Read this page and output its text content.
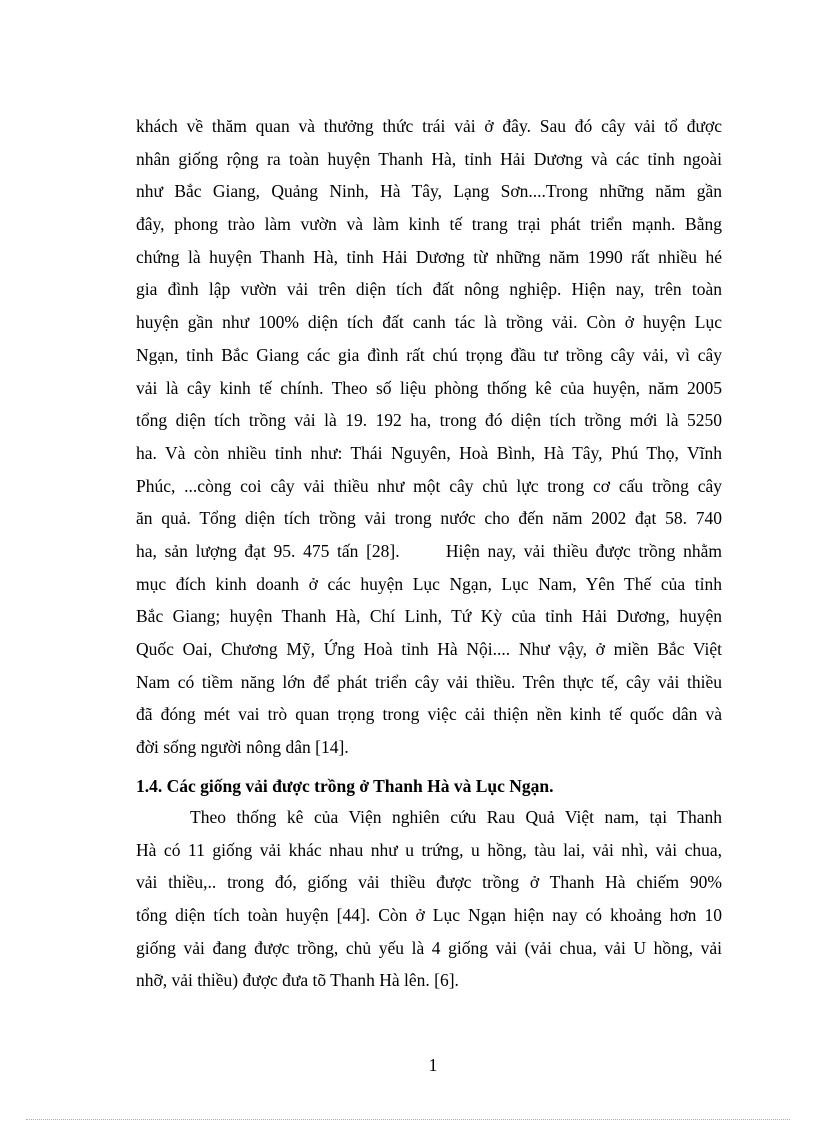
khách về thăm quan và thưởng thức trái vải ở đây. Sau đó cây vải tổ được
nhân giống rộng ra toàn huyện Thanh Hà, tỉnh Hải Dương và các tỉnh ngoài
như Bắc Giang, Quảng Ninh, Hà Tây, Lạng Sơn....Trong những năm gần
đây, phong trào làm vườn và làm kinh tế trang trại phát triển mạnh. Bằng
chứng là huyện Thanh Hà, tỉnh Hải Dương từ những năm 1990 rất nhiều hé
gia đình lập vườn vải trên diện tích đất nông nghiệp. Hiện nay, trên toàn
huyện gần như 100% diện tích đất canh tác là trồng vải. Còn ở huyện Lục
Ngạn, tỉnh Bắc Giang các gia đình rất chú trọng đầu tư trồng cây vải, vì cây
vải là cây kinh tế chính. Theo số liệu phòng thống kê của huyện, năm 2005
tổng diện tích trồng vải là 19. 192 ha, trong đó diện tích trồng mới là 5250
ha. Và còn nhiều tỉnh như: Thái Nguyên, Hoà Bình, Hà Tây, Phú Thọ, Vĩnh
Phúc, ...còng coi cây vải thiều như một cây chủ lực trong cơ cấu trồng cây
ăn quả. Tổng diện tích trồng vải trong nước cho đến năm 2002 đạt 58. 740
ha, sản lượng đạt 95. 475 tấn [28].      Hiện nay, vải thiều được trồng nhằm
mục đích kinh doanh ở các huyện Lục Ngạn, Lục Nam, Yên Thế của tỉnh
Bắc Giang; huyện Thanh Hà, Chí Linh, Tứ Kỳ của tỉnh Hải Dương, huyện
Quốc Oai, Chương Mỹ, Ứng Hoà tỉnh Hà Nội.... Như vậy, ở miền Bắc Việt
Nam có tiềm năng lớn để phát triển cây vải thiều. Trên thực tế, cây vải thiều
đã đóng mét vai trò quan trọng trong việc cải thiện nền kinh tế quốc dân và
đời sống người nông dân [14].
1.4. Các giống vải được trồng ở Thanh Hà và Lục Ngạn.
Theo thống kê của Viện nghiên cứu Rau Quả Việt nam, tại Thanh
Hà có 11 giống vải khác nhau như u trứng, u hồng, tàu lai, vải nhì, vải chua,
vải thiều,.. trong đó, giống vải thiều được trồng ở Thanh Hà chiếm 90%
tổng diện tích toàn huyện [44]. Còn ở Lục Ngạn hiện nay có khoảng hơn 10
giống vải đang được trồng, chủ yếu là 4 giống vải (vải chua, vải U hồng, vải
nhỡ, vải thiều) được đưa tõ Thanh Hà lên. [6].
1
